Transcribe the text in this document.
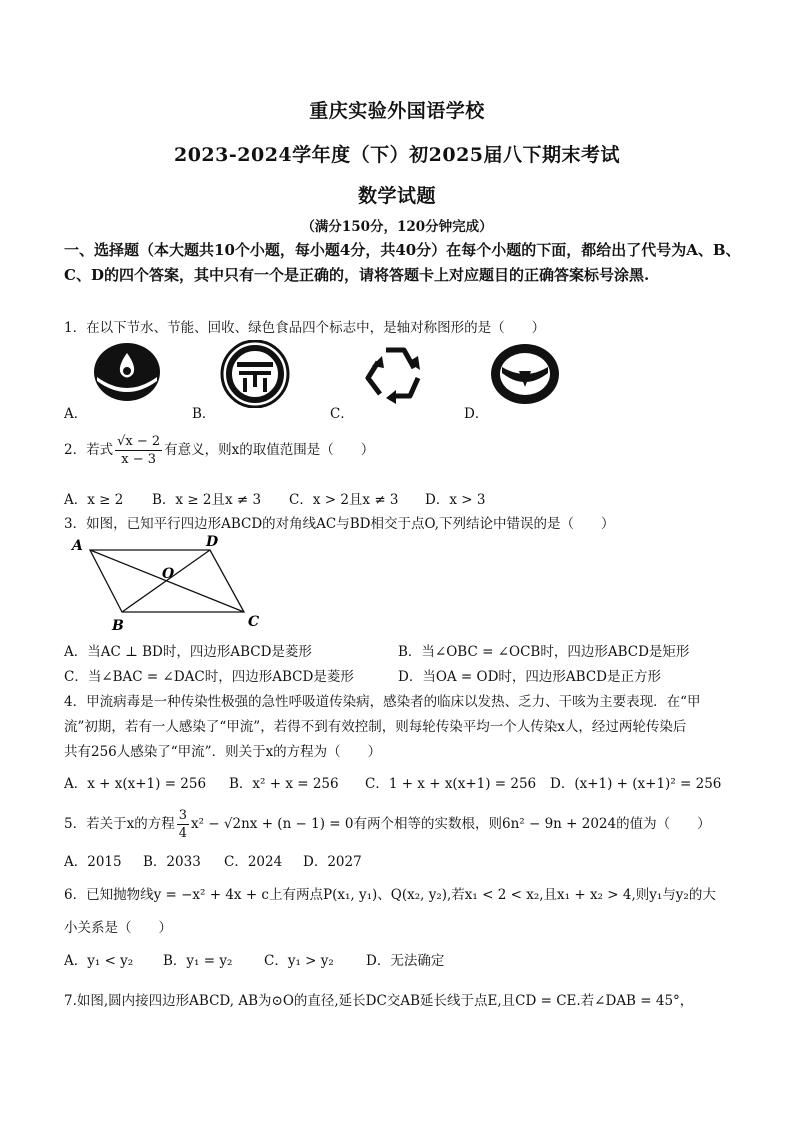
重庆实验外国语学校
2023-2024学年度（下）初2025届八下期末考试
数学试题
（满分150分，120分钟完成）
一、选择题（本大题共10个小题，每小题4分，共40分）在每个小题的下面，都给出了代号为A、B、C、D的四个答案，其中只有一个是正确的，请将答题卡上对应题目的正确答案标号涂黑.
1．在以下节水、节能、回收、绿色食品四个标志中，是轴对称图形的是（　　）
A．	B．	C．	D．
2．若式 $\frac{√x - 2}{x - 3}$ 有意义，则x的取值范围是（　　）
A．x ≥ 2 B．x ≥ 2且x ≠ 3 C．x > 2且x ≠ 3 D．x > 3
3．如图，已知平行四边形ABCD的对角线AC与BD相交于点O,下列结论中错误的是（　　）
A	D
O
B	C
A．当AC ⊥ BD时，四边形ABCD是菱形	B．当∠OBC = ∠OCB时，四边形ABCD是矩形
C．当∠BAC = ∠DAC时，四边形ABCD是菱形	D．当OA = OD时，四边形ABCD是正方形
4．甲流病毒是一种传染性极强的急性呼吸道传染病，感染者的临床以发热、乏力、干咳为主要表现．在“甲
流”初期，若有一人感染了“甲流”，若得不到有效控制，则每轮传染平均一个人传染x人，经过两轮传染后
共有256人感染了“甲流”．则关于x的方程为（　　）
A．x + x(x+1) = 256 B．x² + x = 256 C．1 + x + x(x+1) = 256 D．(x+1) + (x+1)² = 256
5．若关于x的方程 $\frac{3}{4} x^2 - √2nx + (n - 1) = 0$有两个相等的实数根，则6n² − 9n + 2024的值为（　　）
A．2015 B．2033 C．2024 D．2027
6．已知抛物线y = −x² + 4x + c上有两点P(x₁, y₁)、Q(x₂, y₂),若x₁ < 2 < x₂,且x₁ + x₂ > 4,则y₁与y₂的大
小关系是（　　）
A．y₁ < y₂ B．y₁ = y₂ C．y₁ > y₂ D．无法确定
7.如图,圆内接四边形ABCD, AB为⊙O的直径,延长DC交AB延长线于点E,且CD = CE.若∠DAB = 45°，
